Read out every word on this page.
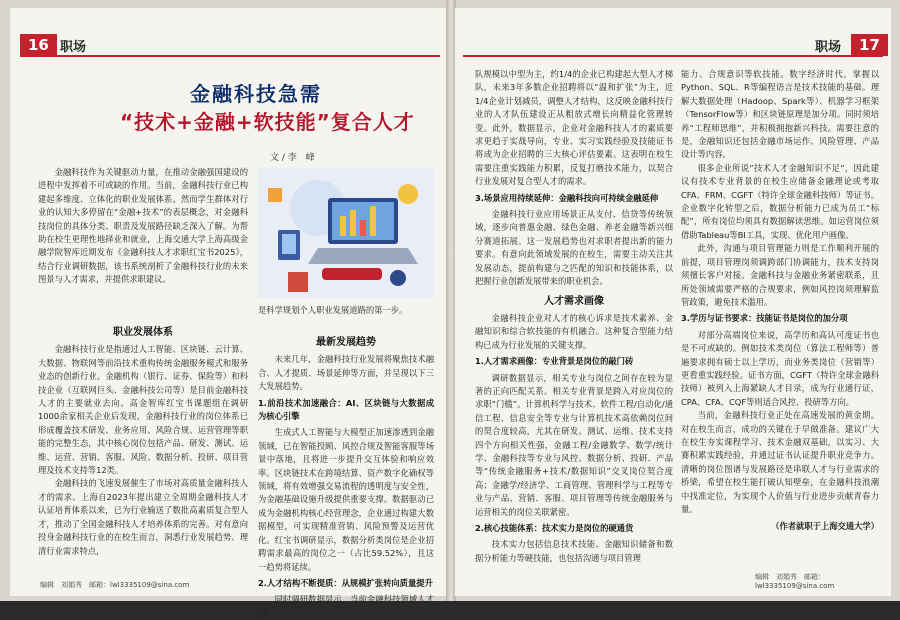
16 职场
金融科技急需
“技术+金融+软技能”复合人才
文 / 李　峰

金融科技作为关键驱动力量，在推动金融强国建设的进程中发挥着不可或缺的作用。当前，金融科技行业已构建起多维度、立体化的职业发展体系。然而学生群体对行业的认知大多停留在“金融+技术”的表层概念，对金融科技岗位的具体分类、职责及发展路径缺乏深入了解。为帮助在校生更理性地择业和就业，上海交通大学上海高级金融学院智库近期发布《金融科技人才求职红宝书2025》，结合行业调研数据，该书系统剖析了金融科技行业的未来图景与人才需求，并提供求职建议。

是科学规划个人职业发展道路的第一步。

职业发展体系

金融科技行业是指通过人工智能、区块链、云计算、大数据、物联网等前沿技术重构传统金融服务模式和服务业态的创新行业。金融机构（银行、证券、保险等）和科技企业（互联网巨头、金融科技公司等）是目前金融科技人才的主要就业去向。高金智库红宝书课题组在调研1000余家相关企业后发现，金融科技行业的岗位体系已形成覆盖技术研发、业务应用、风险合规、运营管理等职能的完整生态，其中核心岗位包括产品、研发、测试、运维、运营、营销、客服、风险、数据分析、投研、项目管理及技术支持等12类。

金融科技的飞速发展催生了市场对高质量金融科技人才的需求。上海自2023年提出建立全周期金融科技人才认证培育体系以来，已为行业输送了数批高素质复合型人才，推动了全国金融科技人才培养体系的完善。对有意向投身金融科技行业的在校生而言，洞悉行业发展趋势、理清行业需求特点，

最新发展趋势

未来几年，金融科技行业发展将聚焦技术融合、人才提质、场景延伸等方面，并呈现以下三大发展趋势。

1.前沿技术加速融合：AI、区块链与大数据成为核心引擎

生成式人工智能与大模型正加速渗透到金融领域，已在智能投顾、风控合规及智能客服等场景中落地，且将进一步提升交互体验和响应效率。区块链技术在跨境结算、资产数字化确权等领域，将有效增强交易流程的透明度与安全性，为金融基础设施升级提供重要支撑。数据驱动已成为金融机构核心经营理念，企业通过构建大数据模型，可实现精准营销、风险预警及运营优化。红宝书调研显示，数据分析类岗位是企业招聘需求最高的岗位之一（占比59.52%），且这一趋势将延续。

2.人才结构不断提质：从规模扩张转向质量提升

同时调研数据显示，当前金融科技领域人才团

编辑　刘娟秀　邮箱：lwl3335109@sina.com
职场	17

队规模以中型为主，约1/4的企业已构建起大型人才梯队，未来3年多数企业招聘将以“温和扩张”为主，近1/4企业计划减员，调整人才结构，这反映金融科技行业的人才队伍建设正从粗放式增长向精益化管理转变。此外，数据显示，企业对金融科技人才的素质要求更趋于实战导向，专业、实习实践经验及技能证书将成为企业招聘的三大核心评估要素。这表明在校生需要注重实践能力积累，反复打磨技术能力，以契合行业发展对复合型人才的需求。

3.场景应用持续延伸：金融科技向可持续金融延伸

金融科技行业应用场景正从支付、信贷等传统领域，逐步向普惠金融、绿色金融、养老金融等新兴细分赛道拓展。这一发展趋势也对求职者提出新的能力要求。有意向此领域发展的在校生，需要主动关注其发展动态，提前构建与之匹配的知识和技能体系，以把握行业创新发展带来的职业机会。

人才需求画像

金融科技企业对人才的核心诉求是技术素养、金融知识和综合软技能的有机融合。这种复合型能力结构已成为行业发展的关键支撑。

1.人才需求画像：专业背景是岗位的敲门砖

调研数据显示，相关专业与岗位之间存在较为显著的正向匹配关系。相关专业背景是跨入对应岗位的求职“门槛”。计算机科学与技术、软件工程/自动化/通信工程、信息安全等专业与计算机技术高依赖岗位间的契合度较高，尤其在研发、测试、运维、技术支持四个方向相关性强，金融工程/金融数学、数学/统计学、金融科技等专业与风控、数据分析、投研、产品等“传统金融服务+技术/数据知识”交叉岗位契合度高；金融学/经济学、工商管理、管理科学与工程等专业与产品、营销、客服、项目管理等传统金融服务与运营相关的岗位关联紧密。

2.核心技能体系：技术实力是岗位的硬通货

技术实力包括信息技术技能、金融知识储备和数据分析能力等硬技能，也包括沟通与项目管理

能力、合规意识等软技能。数字经济时代，掌握以Python、SQL、R等编程语言是技术技能的基础。理解大数据处理（Hadoop、Spark等）、机器学习框架（TensorFlow等）和区块链原理是加分项。同时须培养“工程师思维”，并积极拥抱新兴科技。需要注意的是，金融知识还包括金融市场运作、风险管理、产品设计等内容。

很多企业所说“技术人才金融知识不足”，因此建议有技术专业背景的在校生应储备金融理论或考取CFA、FRM、CGFT（特许全球金融科技师）等证书。企业数字化转型之后，数据分析能力已成为员工“标配”，所有岗位均须具有数据解读思维。如运营岗位须借助Tableau等BI工具，实现、优化用户画像。

此外，沟通与项目管理能力则是工作顺利开展的前提，项目管理岗须调跨部门协调能力，技术支持岗须擅长客户对接。金融科技与金融业务紧密联系，且所处领域需要严格的合规要求，例如风控岗须理解监管政策，避免技术滥用。

3.学历与证书要求：技能证书是岗位的加分项

对部分高端岗位来说，高学历和高认可度证书也是不可或缺的。例如技术类岗位（算法工程师等）普遍要求拥有硕士以上学历，而业务类岗位（营销等）更看重实践经验。证书方面，CGFT（特许全球金融科技师）被列入上海紧缺人才目录，成为行业通行证，CPA、CFA、CQF等则适合风控、投研等方向。

当前，金融科技行业正处在高速发展的黄金期。对在校生而言，成功的关键在于早做准备。建议广大在校生夯实课程学习、技术金融双基础，以实习、大赛积累实践经验，并通过证书认证提升职业竞争力。清晰的岗位图谱与发展路径是串联人才与行业需求的桥梁，希望在校生能打破认知壁垒，在金融科技浪潮中找准定位，为实现个人价值与行业进步贡献青春力量。

（作者就职于上海交通大学）

编辑　刘娟秀　邮箱：lwl3335109@sina.com
